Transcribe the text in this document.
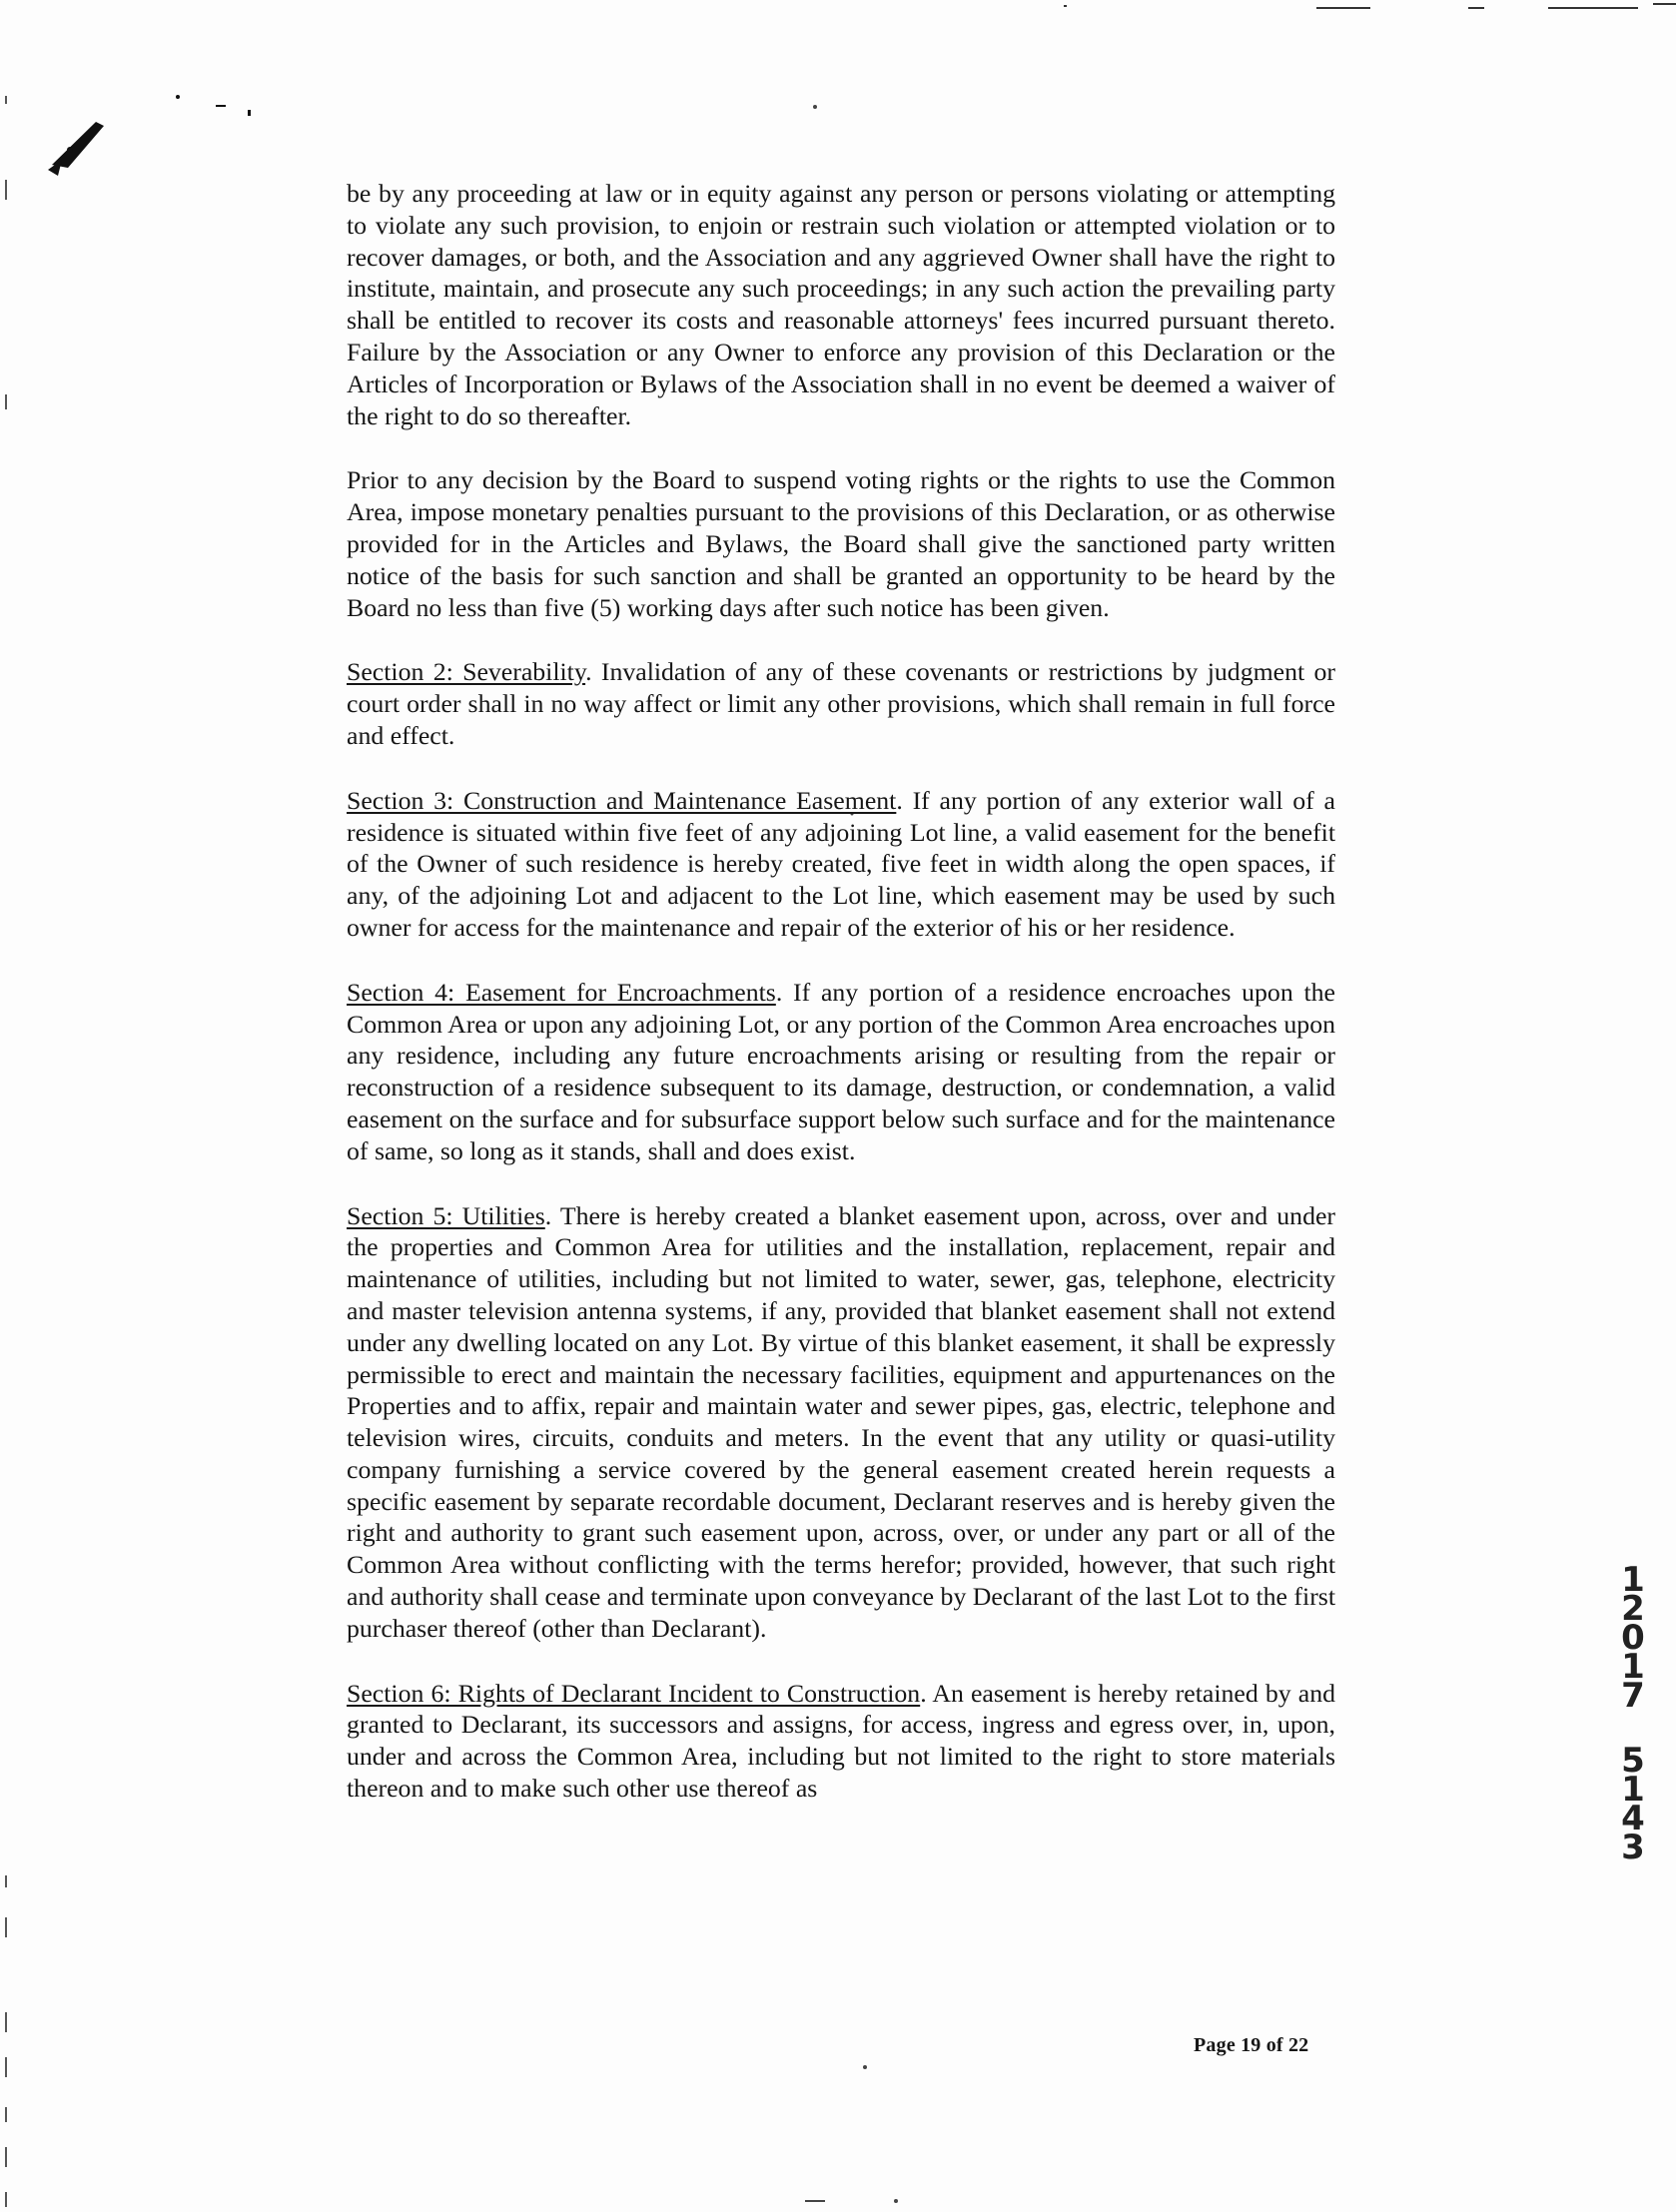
be by any proceeding at law or in equity against any person or persons violating or attempting to violate any such provision, to enjoin or restrain such violation or attempted violation or to recover damages, or both, and the Association and any aggrieved Owner shall have the right to institute, maintain, and prosecute any such proceedings; in any such action the prevailing party shall be entitled to recover its costs and reasonable attorneys' fees incurred pursuant thereto. Failure by the Association or any Owner to enforce any provision of this Declaration or the Articles of Incorporation or Bylaws of the Association shall in no event be deemed a waiver of the right to do so thereafter.

Prior to any decision by the Board to suspend voting rights or the rights to use the Common Area, impose monetary penalties pursuant to the provisions of this Declaration, or as otherwise provided for in the Articles and Bylaws, the Board shall give the sanctioned party written notice of the basis for such sanction and shall be granted an opportunity to be heard by the Board no less than five (5) working days after such notice has been given.

Section 2: Severability. Invalidation of any of these covenants or restrictions by judgment or court order shall in no way affect or limit any other provisions, which shall remain in full force and effect.

Section 3: Construction and Maintenance Easement. If any portion of any exterior wall of a residence is situated within five feet of any adjoining Lot line, a valid easement for the benefit of the Owner of such residence is hereby created, five feet in width along the open spaces, if any, of the adjoining Lot and adjacent to the Lot line, which easement may be used by such owner for access for the maintenance and repair of the exterior of his or her residence.

Section 4: Easement for Encroachments. If any portion of a residence encroaches upon the Common Area or upon any adjoining Lot, or any portion of the Common Area encroaches upon any residence, including any future encroachments arising or resulting from the repair or reconstruction of a residence subsequent to its damage, destruction, or condemnation, a valid easement on the surface and for subsurface support below such surface and for the maintenance of same, so long as it stands, shall and does exist.

Section 5: Utilities. There is hereby created a blanket easement upon, across, over and under the properties and Common Area for utilities and the installation, replacement, repair and maintenance of utilities, including but not limited to water, sewer, gas, telephone, electricity and master television antenna systems, if any, provided that blanket easement shall not extend under any dwelling located on any Lot. By virtue of this blanket easement, it shall be expressly permissible to erect and maintain the necessary facilities, equipment and appurtenances on the Properties and to affix, repair and maintain water and sewer pipes, gas, electric, telephone and television wires, circuits, conduits and meters. In the event that any utility or quasi-utility company furnishing a service covered by the general easement created herein requests a specific easement by separate recordable document, Declarant reserves and is hereby given the right and authority to grant such easement upon, across, over, or under any part or all of the Common Area without conflicting with the terms herefor; provided, however, that such right and authority shall cease and terminate upon conveyance by Declarant of the last Lot to the first purchaser thereof (other than Declarant).

Section 6: Rights of Declarant Incident to Construction. An easement is hereby retained by and granted to Declarant, its successors and assigns, for access, ingress and egress over, in, upon, under and across the Common Area, including but not limited to the right to store materials thereon and to make such other use thereof as

1
2
0
1
7
5
1
4
3
Page 19 of 22
